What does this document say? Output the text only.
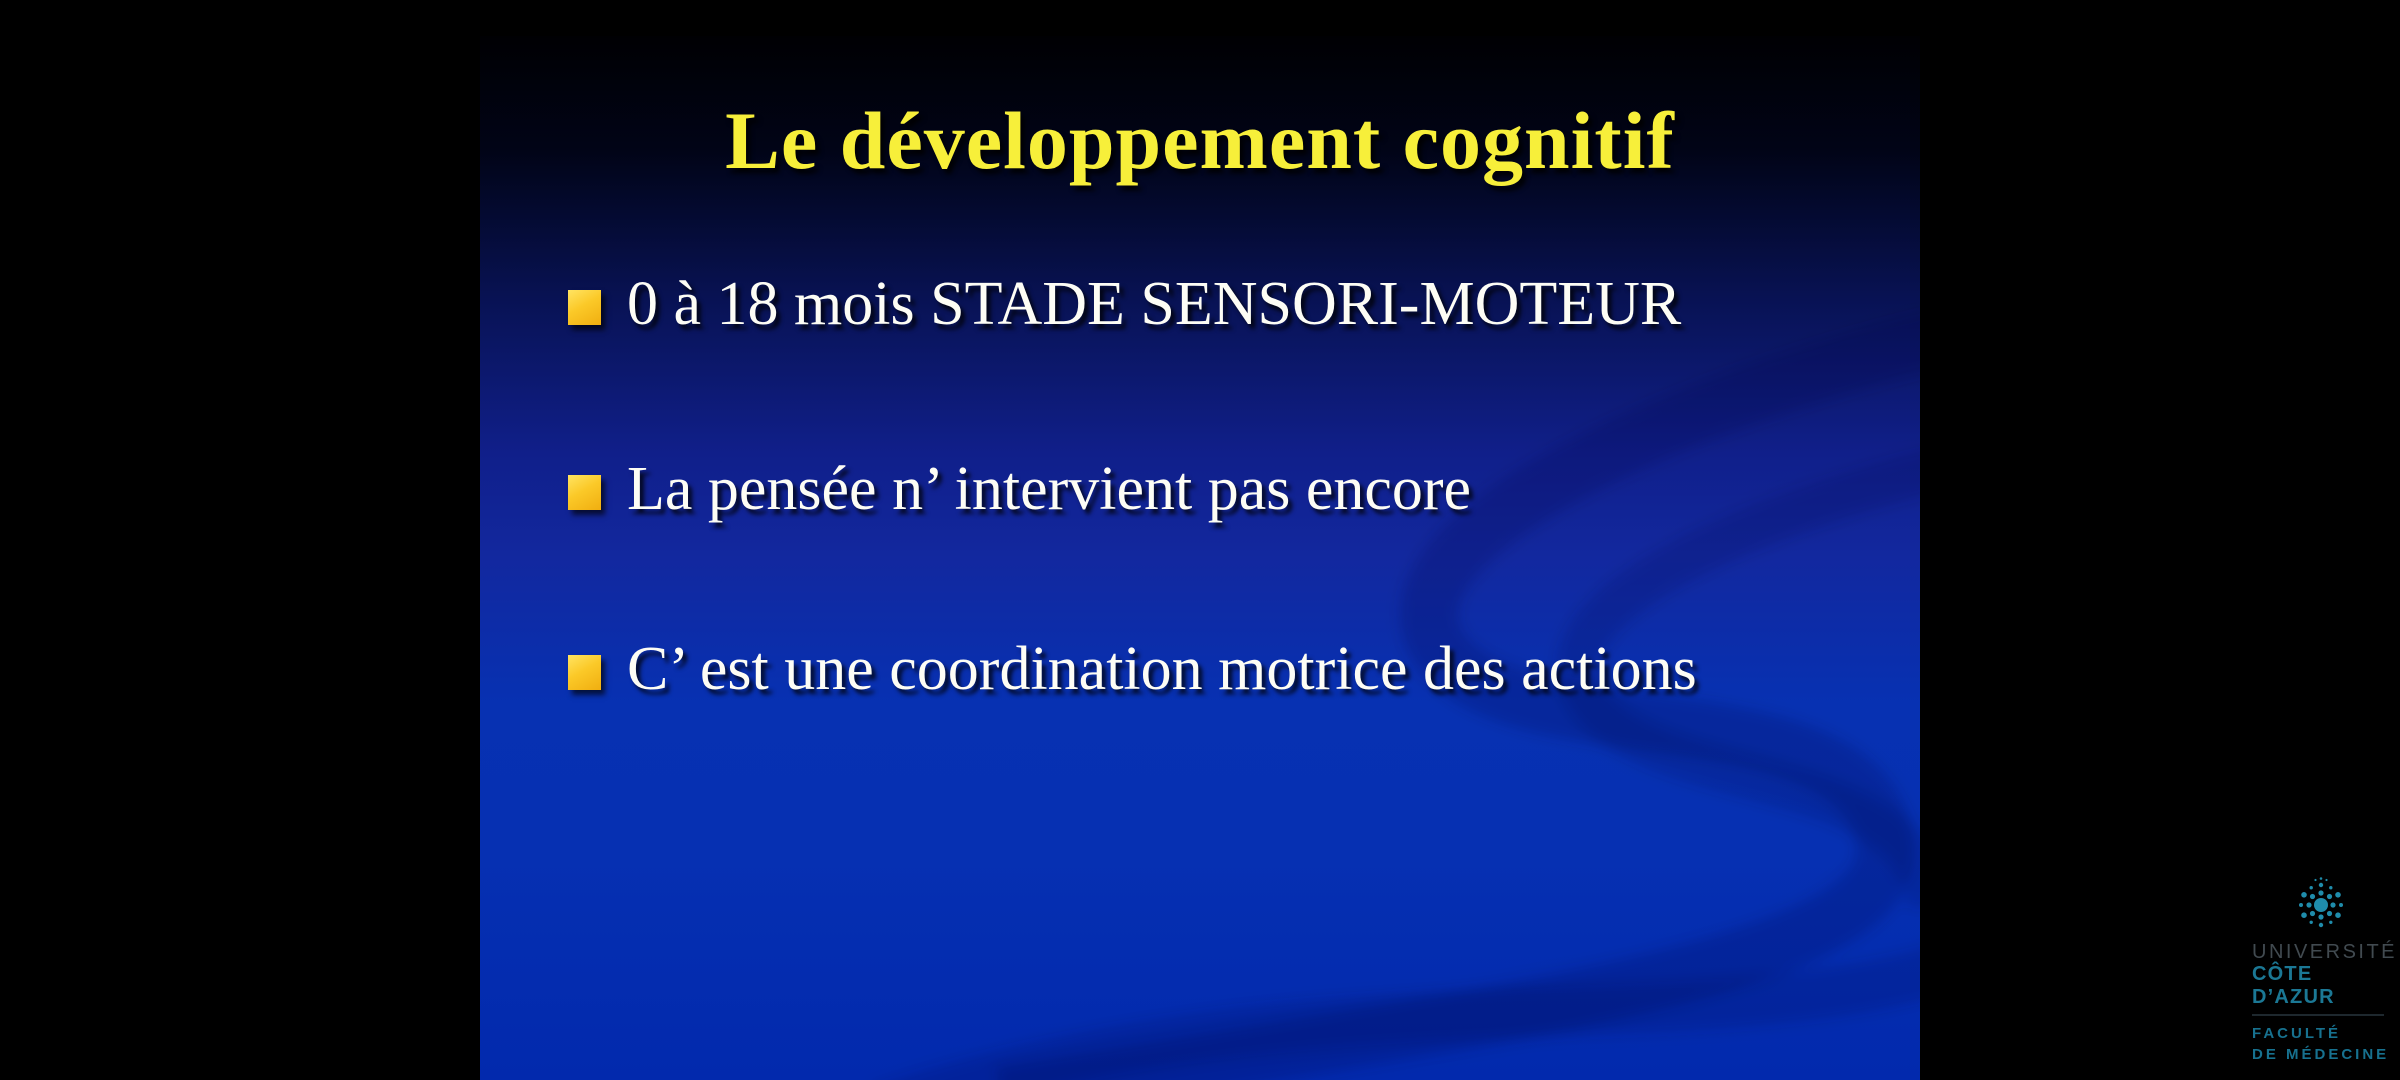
Le développement cognitif
0 à 18 mois STADE SENSORI-MOTEUR
La pensée n’ intervient pas encore
C’ est une coordination motrice des actions
UNIVERSITÉ
CÔTE D’AZUR
FACULTÉ
DE MÉDECINE
